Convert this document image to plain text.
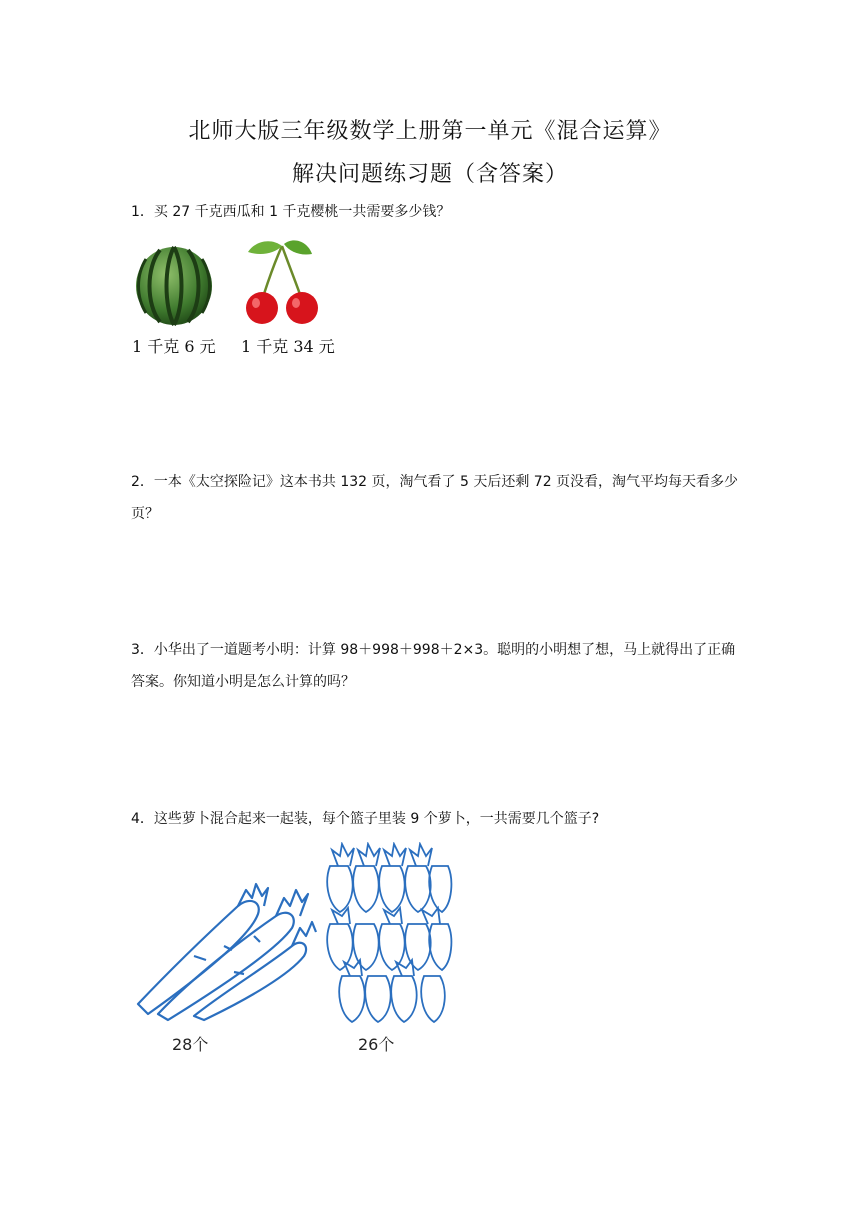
北师大版三年级数学上册第一单元《混合运算》
解决问题练习题（含答案）
1．买 27 千克西瓜和 1 千克樱桃一共需要多少钱？
1 千克 6 元 1 千克 34 元
2．一本《太空探险记》这本书共 132 页，淘气看了 5 天后还剩 72 页没看，淘气平均每天看多少页？
3．小华出了一道题考小明：计算 98＋998＋998＋2×3。聪明的小明想了想，马上就得出了正确答案。你知道小明是怎么计算的吗？
4．这些萝卜混合起来一起装，每个篮子里装 9 个萝卜，一共需要几个篮子?
28个	26个
